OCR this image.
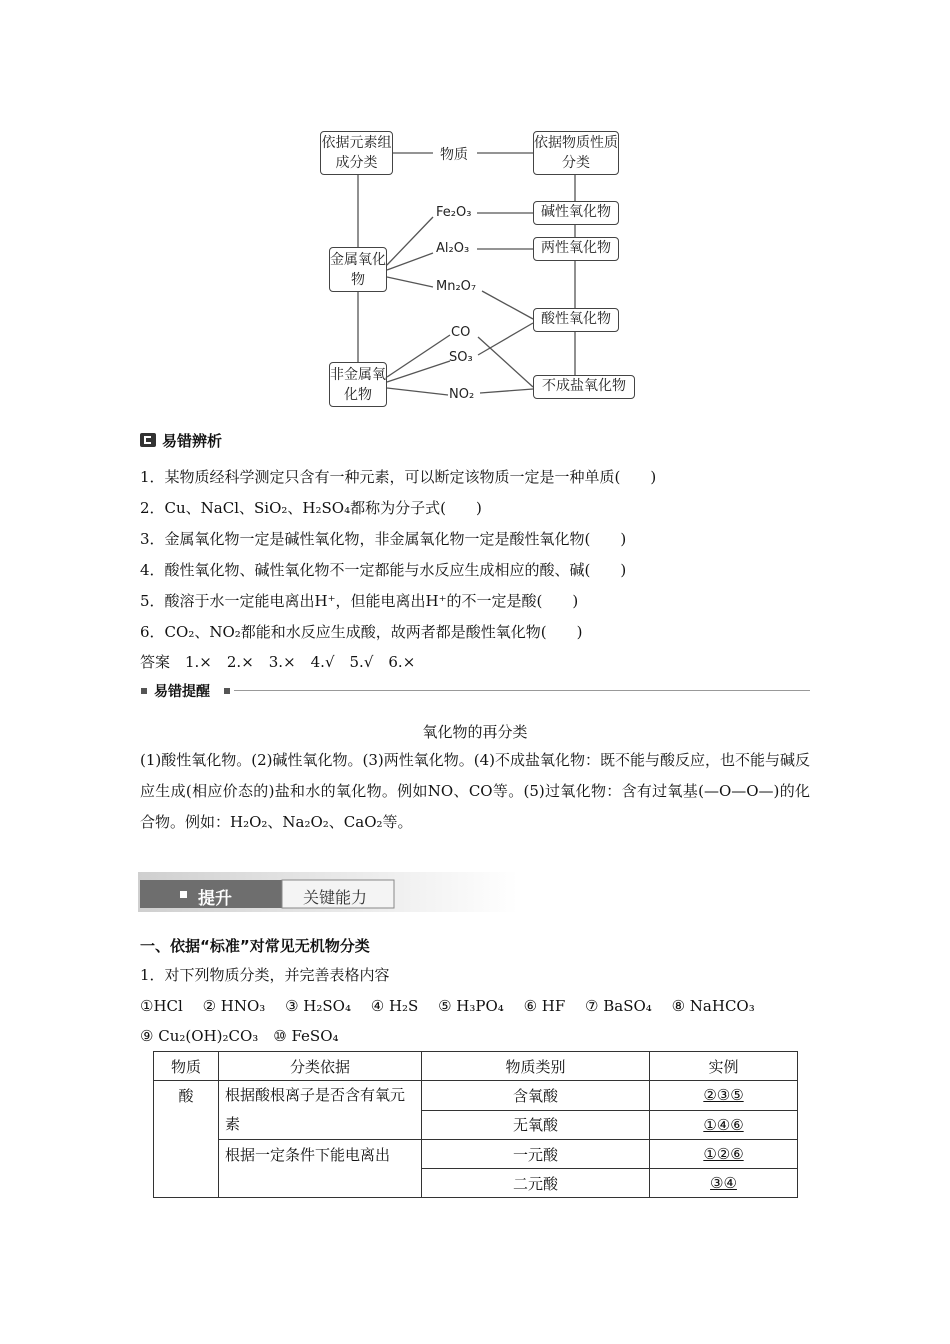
依据元素组成分类	物质
依据物质性质分类
金属氧化物
非金属氧化物
碱性氧化物
两性氧化物
酸性氧化物
不成盐氧化物
Fe₂O₃
Al₂O₃
Mn₂O₇
CO
SO₃
NO₂
易错辨析
1．某物质经科学测定只含有一种元素，可以断定该物质一定是一种单质(　　)
2．Cu、NaCl、SiO₂、H₂SO₄都称为分子式(　　)
3．金属氧化物一定是碱性氧化物，非金属氧化物一定是酸性氧化物(　　)
4．酸性氧化物、碱性氧化物不一定都能与水反应生成相应的酸、碱(　　)
5．酸溶于水一定能电离出H⁺，但能电离出H⁺的不一定是酸(　　)
6．CO₂、NO₂都能和水反应生成酸，故两者都是酸性氧化物(　　)
答案　1.×　2.×　3.×　4.√　5.√　6.×
易错提醒
氧化物的再分类
(1)酸性氧化物。(2)碱性氧化物。(3)两性氧化物。(4)不成盐氧化物：既不能与酸反应，也不能与碱反应生成(相应价态的)盐和水的氧化物。例如NO、CO等。(5)过氧化物：含有过氧基(—O—O—)的化合物。例如：H₂O₂、Na₂O₂、CaO₂等。
提升	关键能力
一、依据“标准”对常见无机物分类
1．对下列物质分类，并完善表格内容
①HCl　 ② HNO₃　 ③ H₂SO₄　 ④ H₂S　 ⑤ H₃PO₄　 ⑥ HF　 ⑦ BaSO₄　 ⑧ NaHCO₃
⑨ Cu₂(OH)₂CO₃　⑩ FeSO₄
物质	分类依据	物质类别	实例
酸	根据酸根离子是否含有氧元素	含氧酸	②③⑤
		无氧酸	①④⑥
	根据一定条件下能电离出	一元酸	①②⑥
		二元酸	③④
